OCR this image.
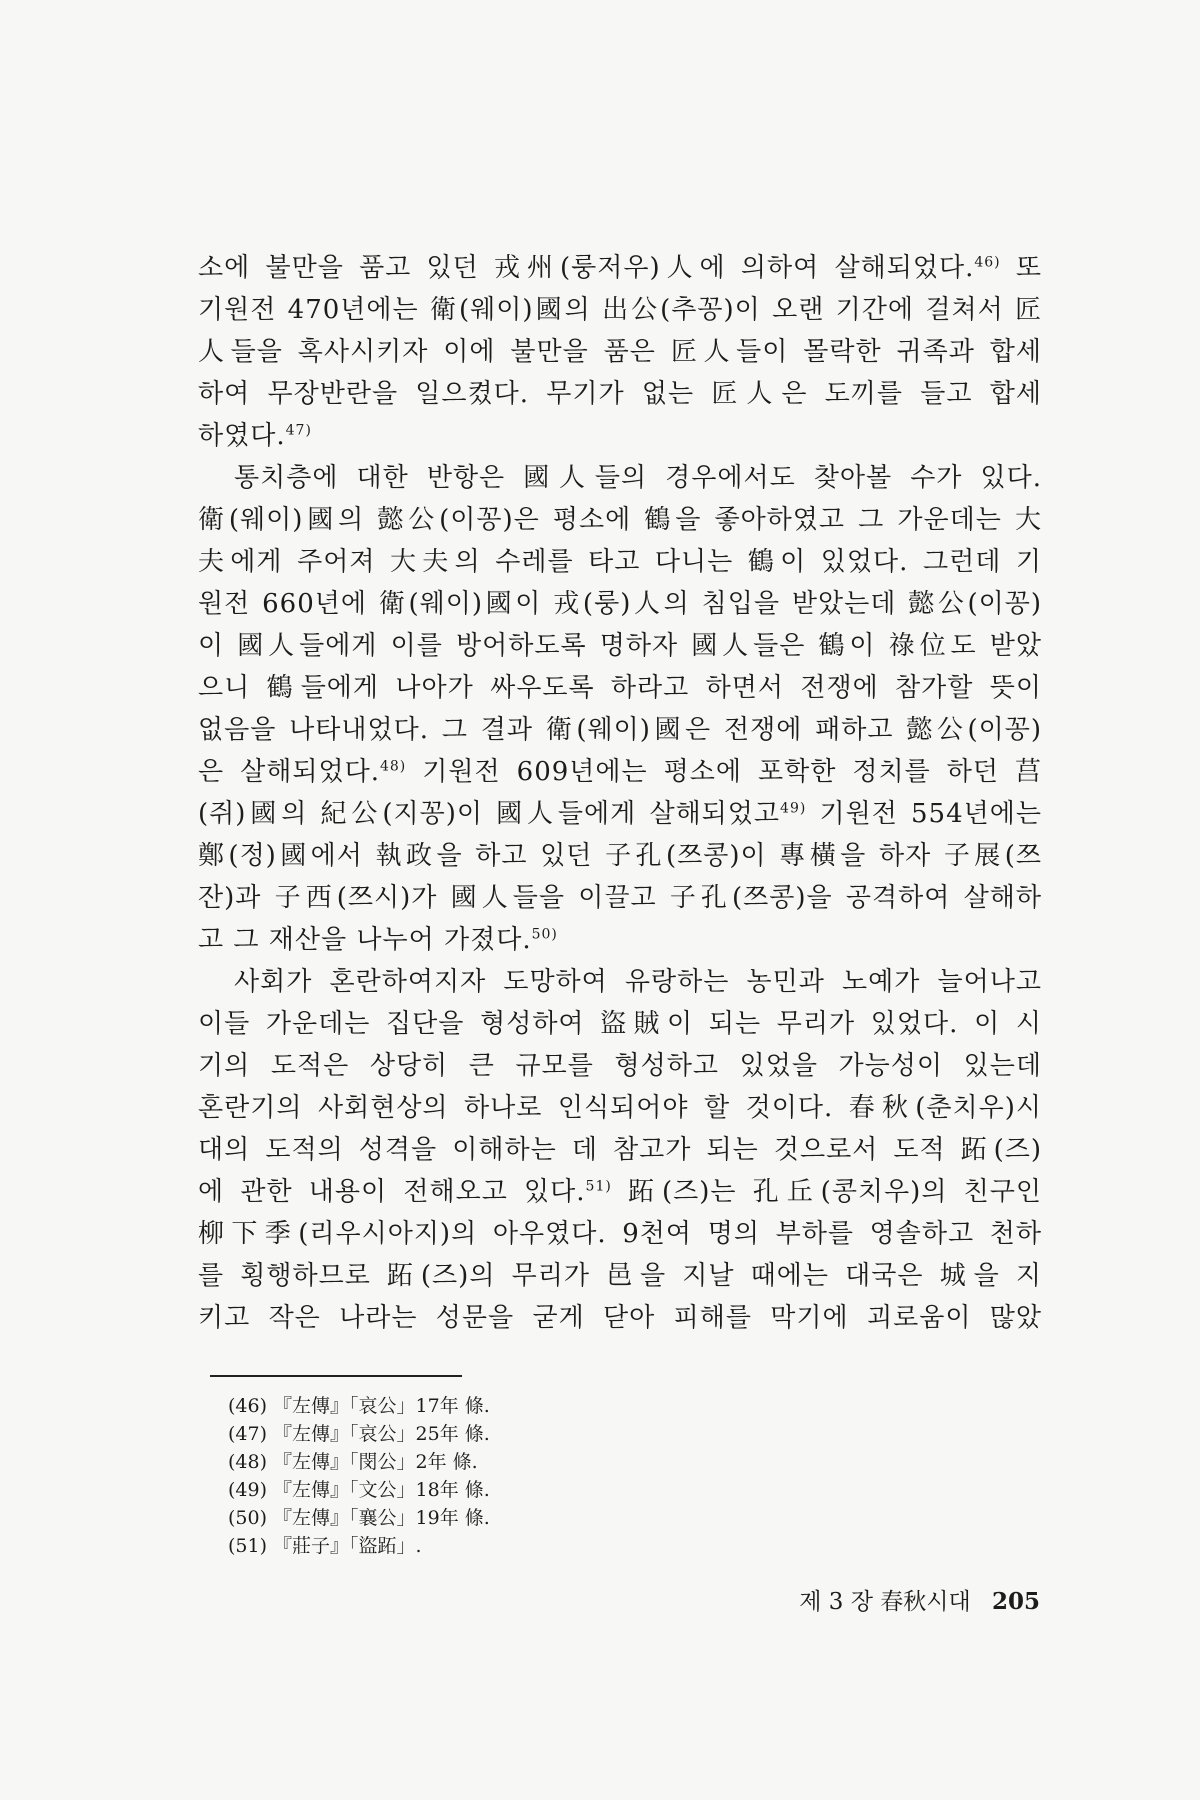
소에 불만을 품고 있던 戎州(룽저우)人에 의하여 살해되었다.$^{46)}$ 또
기원전 470년에는 衛(웨이)國의 出公(추꽁)이 오랜 기간에 걸쳐서 匠
人들을 혹사시키자 이에 불만을 품은 匠人들이 몰락한 귀족과 합세
하여 무장반란을 일으켰다. 무기가 없는 匠人은 도끼를 들고 합세
하였다.$^{47)}$
통치층에 대한 반항은 國人들의 경우에서도 찾아볼 수가 있다.
衛(웨이)國의 懿公(이꽁)은 평소에 鶴을 좋아하였고 그 가운데는 大
夫에게 주어져 大夫의 수레를 타고 다니는 鶴이 있었다. 그런데 기
원전 660년에 衛(웨이)國이 戎(룽)人의 침입을 받았는데 懿公(이꽁)
이 國人들에게 이를 방어하도록 명하자 國人들은 鶴이 祿位도 받았
으니 鶴들에게 나아가 싸우도록 하라고 하면서 전쟁에 참가할 뜻이
없음을 나타내었다. 그 결과 衛(웨이)國은 전쟁에 패하고 懿公(이꽁)
은 살해되었다.$^{48)}$ 기원전 609년에는 평소에 포학한 정치를 하던 莒
(쥐)國의 紀公(지꽁)이 國人들에게 살해되었고$^{49)}$ 기원전 554년에는
鄭(정)國에서 執政을 하고 있던 子孔(쯔콩)이 專橫을 하자 子展(쯔
잔)과 子西(쯔시)가 國人들을 이끌고 子孔(쯔콩)을 공격하여 살해하
고 그 재산을 나누어 가졌다.$^{50)}$
사회가 혼란하여지자 도망하여 유랑하는 농민과 노예가 늘어나고
이들 가운데는 집단을 형성하여 盜賊이 되는 무리가 있었다. 이 시
기의 도적은 상당히 큰 규모를 형성하고 있었을 가능성이 있는데
혼란기의 사회현상의 하나로 인식되어야 할 것이다. 春秋(춘치우)시
대의 도적의 성격을 이해하는 데 참고가 되는 것으로서 도적 跖(즈)
에 관한 내용이 전해오고 있다.$^{51)}$ 跖(즈)는 孔丘(콩치우)의 친구인
柳下季(리우시아지)의 아우였다. 9천여 명의 부하를 영솔하고 천하
를 횡행하므로 跖(즈)의 무리가 邑을 지날 때에는 대국은 城을 지
키고 작은 나라는 성문을 굳게 닫아 피해를 막기에 괴로움이 많았
(46) 『左傳』「哀公」17年 條.
(47) 『左傳』「哀公」25年 條.
(48) 『左傳』「閔公」2年 條.
(49) 『左傳』「文公」18年 條.
(50) 『左傳』「襄公」19年 條.
(51) 『莊子』「盜跖」.
제 3 장 春秋시대 205
